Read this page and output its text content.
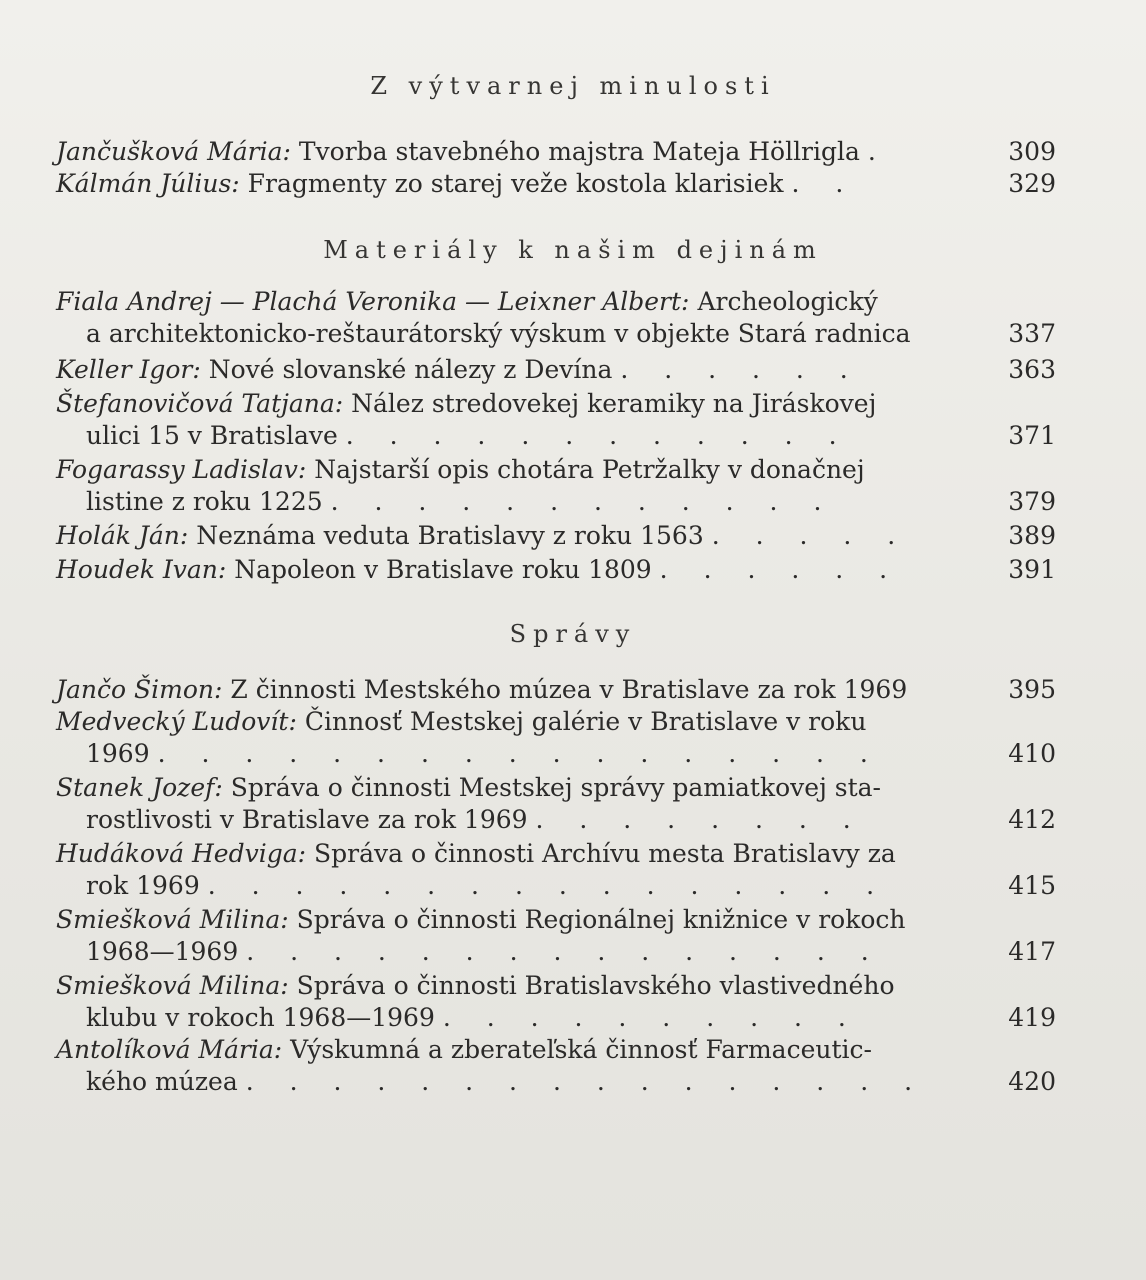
Z výtvarnej minulosti
Jančušková Mária: Tvorba stavebného majstra Mateja Höllrigla .	309
Kálmán Július: Fragmenty zo starej veže kostola klarisiek . .	329
Materiály k našim dejinám
Fiala Andrej — Plachá Veronika — Leixner Albert: Archeologický
a architektonicko-reštaurátorský výskum v objekte Stará radnica	337
Keller Igor: Nové slovanské nálezy z Devína . . . . . .	363
Štefanovičová Tatjana: Nález stredovekej keramiky na Jiráskovej
ulici 15 v Bratislave . . . . . . . . . . . .	371
Fogarassy Ladislav: Najstarší opis chotára Petržalky v donačnej
listine z roku 1225 . . . . . . . . . . . .	379
Holák Ján: Neznáma veduta Bratislavy z roku 1563 . . . . .	389
Houdek Ivan: Napoleon v Bratislave roku 1809 . . . . . .	391
Správy
Jančo Šimon: Z činnosti Mestského múzea v Bratislave za rok 1969	395
Medvecký Ľudovít: Činnosť Mestskej galérie v Bratislave v roku
1969 . . . . . . . . . . . . . . . . .	410
Stanek Jozef: Správa o činnosti Mestskej správy pamiatkovej sta-
rostlivosti v Bratislave za rok 1969 . . . . . . . .	412
Hudáková Hedviga: Správa o činnosti Archívu mesta Bratislavy za
rok 1969 . . . . . . . . . . . . . . . .	415
Smiešková Milina: Správa o činnosti Regionálnej knižnice v rokoch
1968—1969 . . . . . . . . . . . . . . .	417
Smiešková Milina: Správa o činnosti Bratislavského vlastivedného
klubu v rokoch 1968—1969 . . . . . . . . . .	419
Antolíková Mária: Výskumná a zberateľská činnosť Farmaceutic-
kého múzea . . . . . . . . . . . . . . . .	420
